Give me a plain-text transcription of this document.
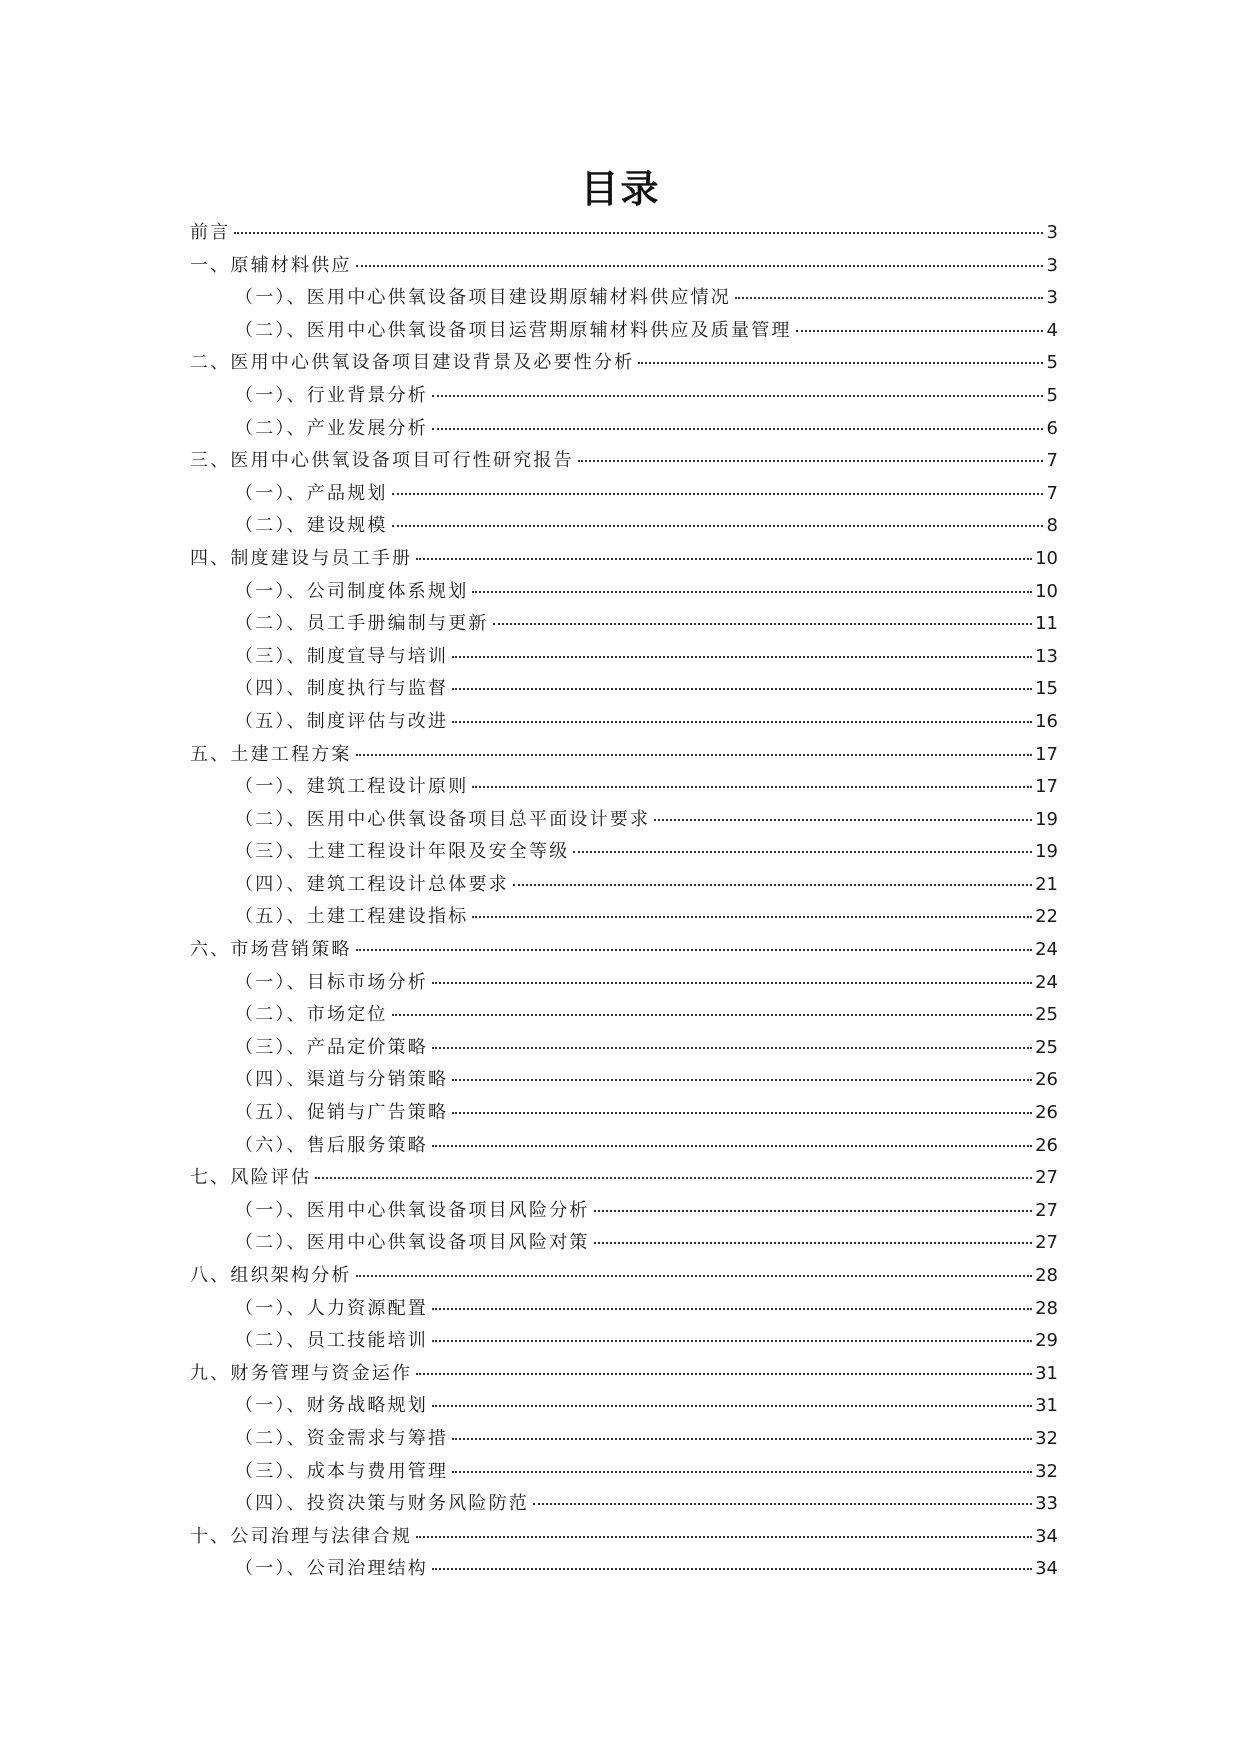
目录
前言	3
一、原辅材料供应	3
（一）、医用中心供氧设备项目建设期原辅材料供应情况	3
（二）、医用中心供氧设备项目运营期原辅材料供应及质量管理	4
二、医用中心供氧设备项目建设背景及必要性分析	5
（一）、行业背景分析	5
（二）、产业发展分析	6
三、医用中心供氧设备项目可行性研究报告	7
（一）、产品规划	7
（二）、建设规模	8
四、制度建设与员工手册	10
（一）、公司制度体系规划	10
（二）、员工手册编制与更新	11
（三）、制度宣导与培训	13
（四）、制度执行与监督	15
（五）、制度评估与改进	16
五、土建工程方案	17
（一）、建筑工程设计原则	17
（二）、医用中心供氧设备项目总平面设计要求	19
（三）、土建工程设计年限及安全等级	19
（四）、建筑工程设计总体要求	21
（五）、土建工程建设指标	22
六、市场营销策略	24
（一）、目标市场分析	24
（二）、市场定位	25
（三）、产品定价策略	25
（四）、渠道与分销策略	26
（五）、促销与广告策略	26
（六）、售后服务策略	26
七、风险评估	27
（一）、医用中心供氧设备项目风险分析	27
（二）、医用中心供氧设备项目风险对策	27
八、组织架构分析	28
（一）、人力资源配置	28
（二）、员工技能培训	29
九、财务管理与资金运作	31
（一）、财务战略规划	31
（二）、资金需求与筹措	32
（三）、成本与费用管理	32
（四）、投资决策与财务风险防范	33
十、公司治理与法律合规	34
（一）、公司治理结构	34
